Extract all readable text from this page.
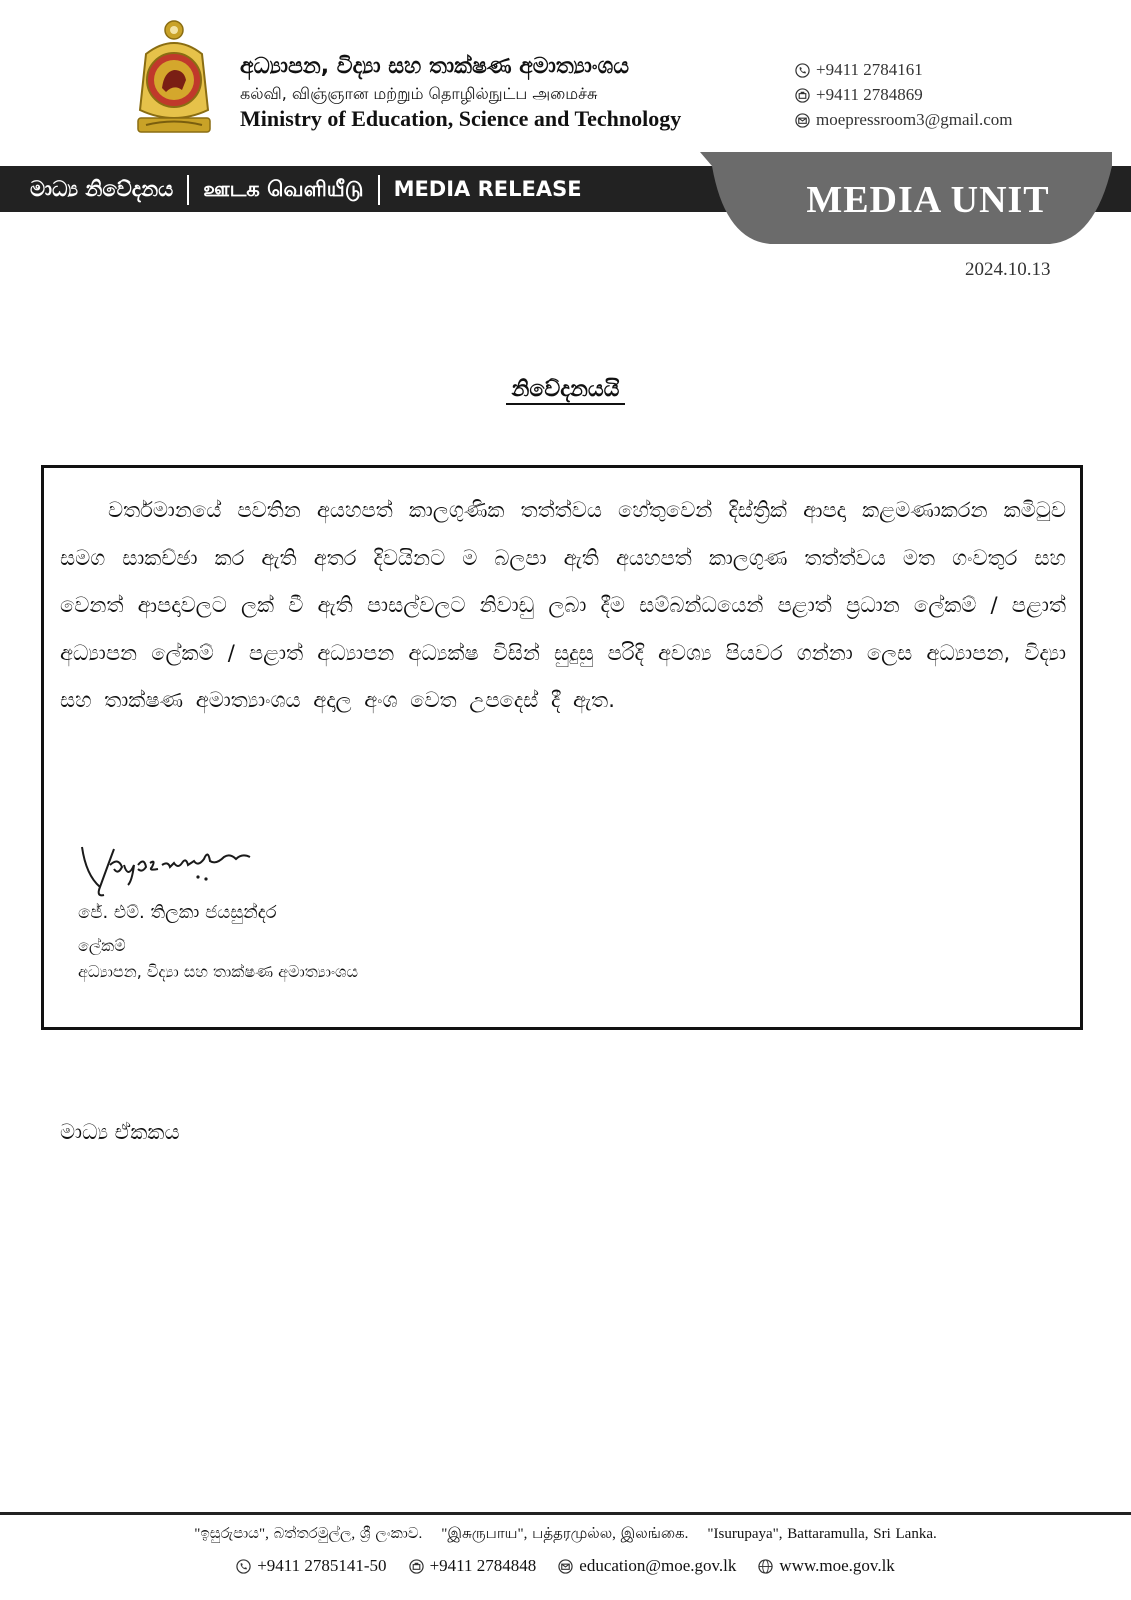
අධ්‍යාපන, විද්‍යා සහ තාක්ෂණ අමාත්‍යාංශය
கல்வி, விஞ்ஞான மற்றும் தொழில்நுட்ப அமைச்சு
Ministry of Education, Science and Technology
+9411 2784161
+9411 2784869
moepressroom3@gmail.com
මාධ්‍ය නිවේදනය ஊடக வெளியீடு MEDIA RELEASE	MEDIA UNIT
2024.10.13
නිවේදනයයි
වර්තමානයේ පවතින අයහපත් කාලගුණික තත්ත්වය හේතුවෙන් දිස්ත්‍රික් ආපදා කළමණාකරන කමිටුව සමග සාකච්ඡා කර ඇති අතර දිවයිනට ම බලපා ඇති අයහපත් කාලගුණ තත්ත්වය මත ගංවතුර සහ වෙනත් ආපදාවලට ලක් වී ඇති පාසල්වලට නිවාඩු ලබා දීම සම්බන්ධයෙන් පළාත් ප්‍රධාන ලේකම් / පළාත් අධ්‍යාපන ලේකම් / පළාත් අධ්‍යාපන අධ්‍යක්ෂ විසින් සුදුසු පරිදි අවශ්‍ය පියවර ගන්නා ලෙස අධ්‍යාපන, විද්‍යා සහ තාක්ෂණ අමාත්‍යාංශය අදාල අංශ වෙත උපදෙස් දී ඇත.
ජේ. එම්. තිලකා ජයසුන්දර
ලේකම්
අධ්‍යාපන, විද්‍යා සහ තාක්ෂණ අමාත්‍යාංශය
මාධ්‍ය ඒකකය
"ඉසුරුපාය", බත්තරමුල්ල, ශ්‍රී ලංකාව.    "இசுருபாய", பத்தரமுல்ல, இலங்கை.    "Isurupaya", Battaramulla, Sri Lanka.
+9411 2785141-50	+9411 2784848	education@moe.gov.lk	www.moe.gov.lk
